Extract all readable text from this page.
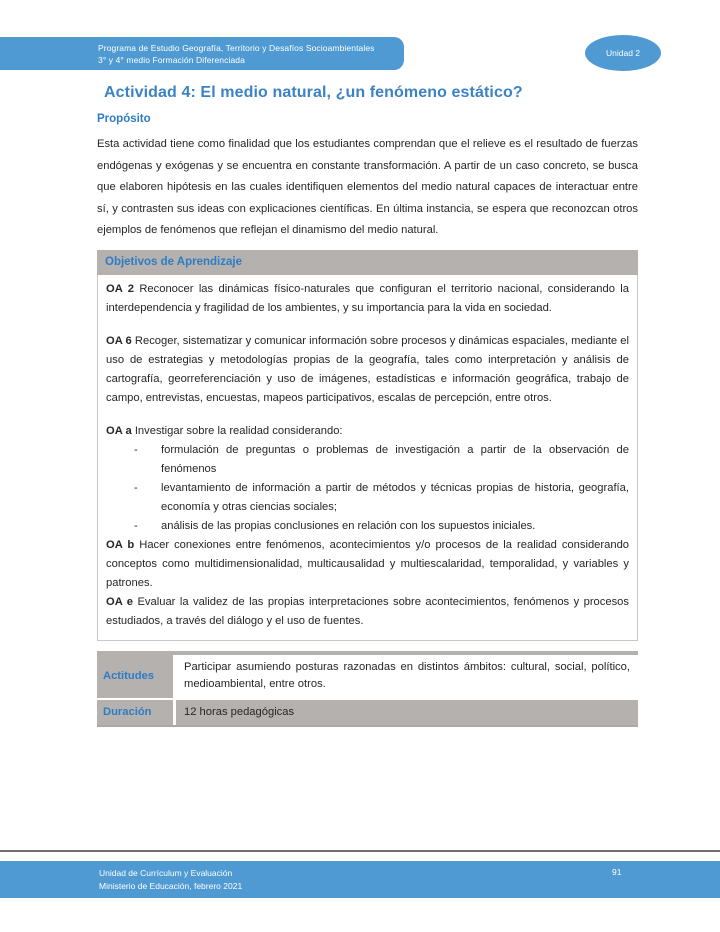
Programa de Estudio Geografía, Territorio y Desafíos Socioambientales
3° y 4° medio Formación Diferenciada
Unidad 2
Actividad 4: El medio natural, ¿un fenómeno estático?
Propósito

Esta actividad tiene como finalidad que los estudiantes comprendan que el relieve es el resultado de fuerzas endógenas y exógenas y se encuentra en constante transformación. A partir de un caso concreto, se busca que elaboren hipótesis en las cuales identifiquen elementos del medio natural capaces de interactuar entre sí, y contrasten sus ideas con explicaciones científicas. En última instancia, se espera que reconozcan otros ejemplos de fenómenos que reflejan el dinamismo del medio natural.

Objetivos de Aprendizaje

OA 2 Reconocer las dinámicas físico-naturales que configuran el territorio nacional, considerando la interdependencia y fragilidad de los ambientes, y su importancia para la vida en sociedad.

OA 6 Recoger, sistematizar y comunicar información sobre procesos y dinámicas espaciales, mediante el uso de estrategias y metodologías propias de la geografía, tales como interpretación y análisis de cartografía, georreferenciación y uso de imágenes, estadísticas e información geográfica, trabajo de campo, entrevistas, encuestas, mapeos participativos, escalas de percepción, entre otros.

OA a Investigar sobre la realidad considerando:

- formulación de preguntas o problemas de investigación a partir de la observación de fenómenos
- levantamiento de información a partir de métodos y técnicas propias de historia, geografía, economía y otras ciencias sociales;
- análisis de las propias conclusiones en relación con los supuestos iniciales.

OA b Hacer conexiones entre fenómenos, acontecimientos y/o procesos de la realidad considerando conceptos como multidimensionalidad, multicausalidad y multiescalaridad, temporalidad, y variables y patrones.

OA e Evaluar la validez de las propias interpretaciones sobre acontecimientos, fenómenos y procesos estudiados, a través del diálogo y el uso de fuentes.

Actitudes
Participar asumiendo posturas razonadas en distintos ámbitos: cultural, social, político, medioambiental, entre otros.
Duración	12 horas pedagógicas
Unidad de Currículum y Evaluación
Ministerio de Educación, febrero 2021
91
